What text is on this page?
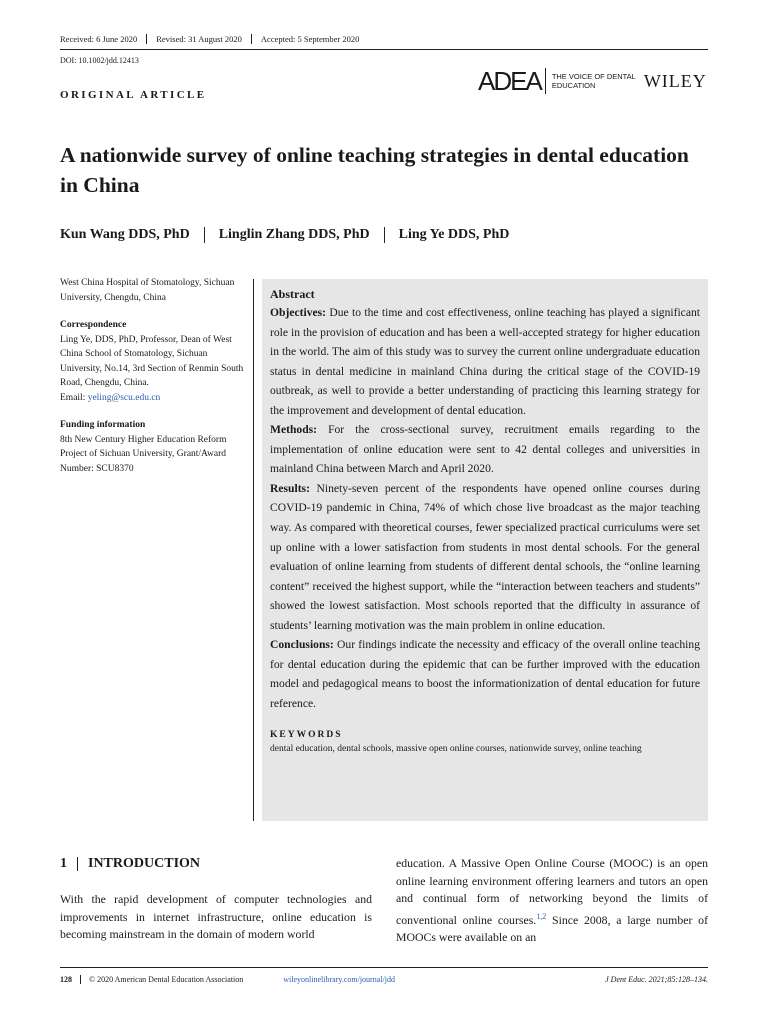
Received: 6 June 2020	Revised: 31 August 2020	Accepted: 5 September 2020
DOI: 10.1002/jdd.12413
ORIGINAL ARTICLE	ADEA THE VOICE OF DENTAL EDUCATION	WILEY
A nationwide survey of online teaching strategies in dental education in China
Kun Wang DDS, PhD	Linglin Zhang DDS, PhD	Ling Ye DDS, PhD
West China Hospital of Stomatology, Sichuan University, Chengdu, China
Correspondence
Ling Ye, DDS, PhD, Professor, Dean of West China School of Stomatology, Sichuan University, No.14, 3rd Section of Renmin South Road, Chengdu, China.
Email: yeling@scu.edu.cn
Funding information
8th New Century Higher Education Reform Project of Sichuan University, Grant/Award Number: SCU8370
Abstract
Objectives: Due to the time and cost effectiveness, online teaching has played a significant role in the provision of education and has been a well-accepted strategy for higher education in the world. The aim of this study was to survey the current online undergraduate education status in dental medicine in mainland China during the critical stage of the COVID-19 outbreak, as well to provide a better understanding of practicing this learning strategy for the improvement and development of dental education.
Methods: For the cross-sectional survey, recruitment emails regarding to the implementation of online education were sent to 42 dental colleges and universities in mainland China between March and April 2020.
Results: Ninety-seven percent of the respondents have opened online courses during COVID-19 pandemic in China, 74% of which chose live broadcast as the major teaching way. As compared with theoretical courses, fewer specialized practical curriculums were set up online with a lower satisfaction from students in most dental schools. For the general evaluation of online learning from students of different dental schools, the “online learning content” received the highest support, while the “interaction between teachers and students” showed the lowest satisfaction. Most schools reported that the difficulty in assurance of students’ learning motivation was the main problem in online education.
Conclusions: Our findings indicate the necessity and efficacy of the overall online teaching for dental education during the epidemic that can be further improved with the education model and pedagogical means to boost the informationization of dental education for future reference.
KEYWORDS
dental education, dental schools, massive open online courses, nationwide survey, online teaching
1	INTRODUCTION
With the rapid development of computer technologies and improvements in internet infrastructure, online education is becoming mainstream in the domain of modern world
education. A Massive Open Online Course (MOOC) is an open online learning environment offering learners and tutors an open and continual form of networking beyond the limits of conventional online courses.$^{1,2}$ Since 2008, a large number of MOOCs were available on an
128	© 2020 American Dental Education Association	wileyonlinelibrary.com/journal/jdd	J Dent Educ. 2021;85:128–134.
